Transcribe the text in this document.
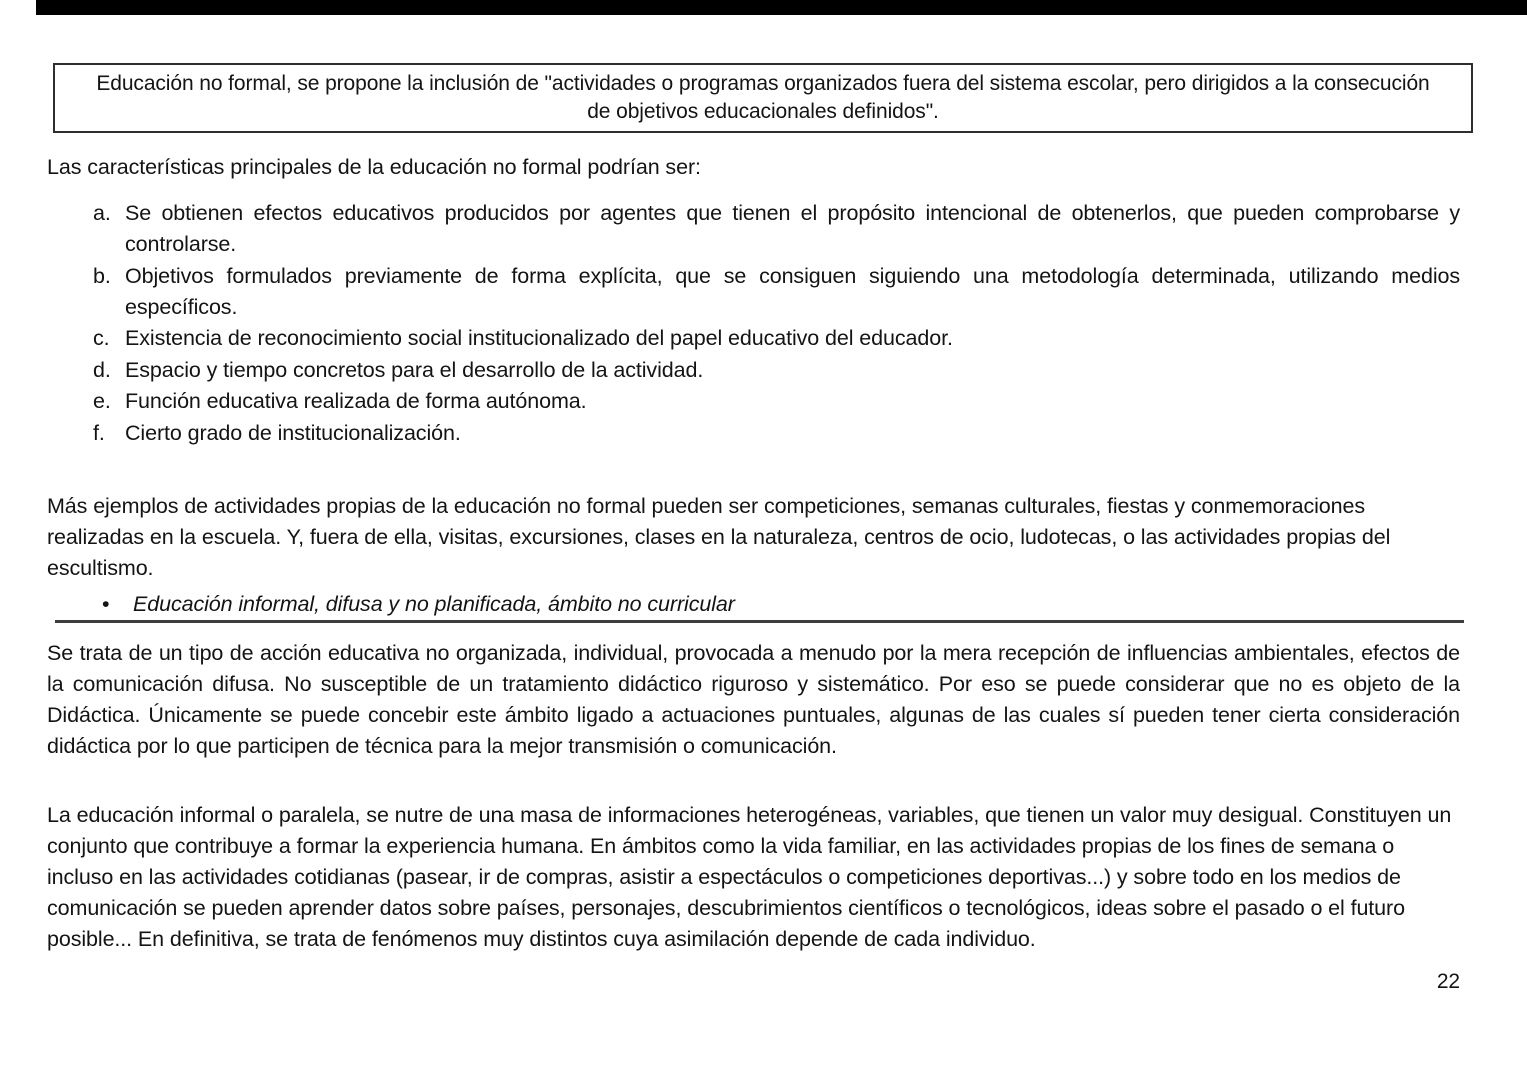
Educación no formal, se propone la inclusión de "actividades o programas organizados fuera del sistema escolar, pero dirigidos a la consecución
de objetivos educacionales definidos".

Las características principales de la educación no formal podrían ser:

a. Se obtienen efectos educativos producidos por agentes que tienen el propósito intencional de obtenerlos, que pueden comprobarse y controlarse.
b. Objetivos formulados previamente de forma explícita, que se consiguen siguiendo una metodología determinada, utilizando medios específicos.
c. Existencia de reconocimiento social institucionalizado del papel educativo del educador.
d. Espacio y tiempo concretos para el desarrollo de la actividad.
e. Función educativa realizada de forma autónoma.
f. Cierto grado de institucionalización.

Más ejemplos de actividades propias de la educación no formal pueden ser competiciones, semanas culturales, fiestas y conmemoraciones realizadas en la escuela. Y, fuera de ella, visitas, excursiones, clases en la naturaleza, centros de ocio, ludotecas, o las actividades propias del escultismo.

•	Educación informal, difusa y no planificada, ámbito no curricular

Se trata de un tipo de acción educativa no organizada, individual, provocada a menudo por la mera recepción de influencias ambientales, efectos de la comunicación difusa. No susceptible de un tratamiento didáctico riguroso y sistemático. Por eso se puede considerar que no es objeto de la Didáctica. Únicamente se puede concebir este ámbito ligado a actuaciones puntuales, algunas de las cuales sí pueden tener cierta consideración didáctica por lo que participen de técnica para la mejor transmisión o comunicación.

La educación informal o paralela, se nutre de una masa de informaciones heterogéneas, variables, que tienen un valor muy desigual. Constituyen un conjunto que contribuye a formar la experiencia humana. En ámbitos como la vida familiar, en las actividades propias de los fines de semana o incluso en las actividades cotidianas (pasear, ir de compras, asistir a espectáculos o competiciones deportivas...) y sobre todo en los medios de comunicación se pueden aprender datos sobre países, personajes, descubrimientos científicos o tecnológicos, ideas sobre el pasado o el futuro posible... En definitiva, se trata de fenómenos muy distintos cuya asimilación depende de cada individuo.

22
